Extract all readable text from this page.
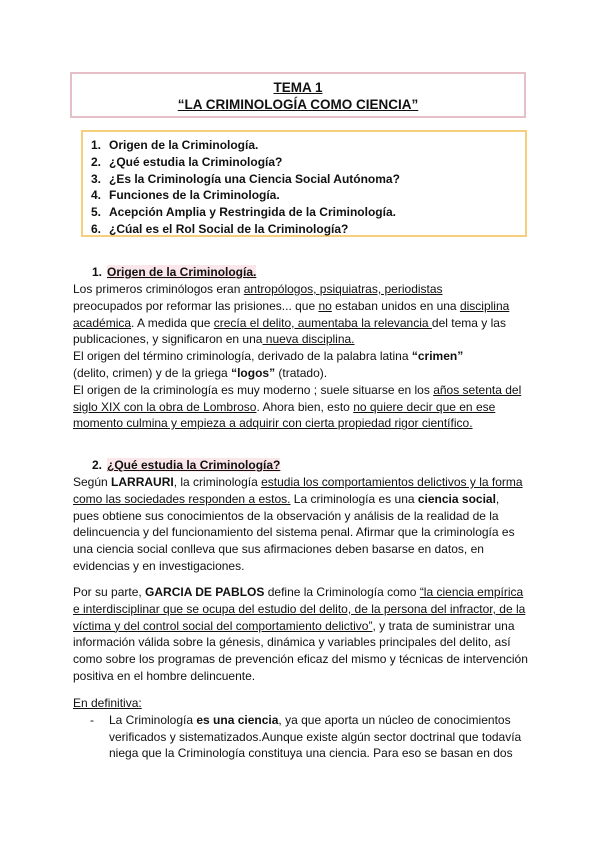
TEMA 1
“LA CRIMINOLOGÍA COMO CIENCIA”
1. Origen de la Criminología.
2. ¿Qué estudia la Criminología?
3. ¿Es la Criminología una Ciencia Social Autónoma?
4. Funciones de la Criminología.
5. Acepción Amplia y Restringida de la Criminología.
6. ¿Cúal es el Rol Social de la Criminología?
1. Origen de la Criminología.

Los primeros criminólogos eran antropólogos, psiquiatras, periodistas
preocupados por reformar las prisiones... que no estaban unidos en una disciplina académica. A medida que crecía el delito, aumentaba la relevancia del tema y las publicaciones, y significaron en una nueva disciplina.

El origen del término criminología, derivado de la palabra latina “crimen”
(delito, crimen) y de la griega “logos” (tratado).

El origen de la criminología es muy moderno ; suele situarse en los años setenta del siglo XIX con la obra de Lombroso. Ahora bien, esto no quiere decir que en ese momento culmina y empieza a adquirir con cierta propiedad rigor científico.

2. ¿Qué estudia la Criminología?

Según LARRAURI, la criminología estudia los comportamientos delictivos y la forma como las sociedades responden a estos. La criminología es una ciencia social, pues obtiene sus conocimientos de la observación y análisis de la realidad de la delincuencia y del funcionamiento del sistema penal. Afirmar que la criminología es una ciencia social conlleva que sus afirmaciones deben basarse en datos, en evidencias y en investigaciones.

Por su parte, GARCIA DE PABLOS define la Criminología como “la ciencia empírica e interdisciplinar que se ocupa del estudio del delito, de la persona del infractor, de la víctima y del control social del comportamiento delictivo”, y trata de suministrar una información válida sobre la génesis, dinámica y variables principales del delito, así como sobre los programas de prevención eficaz del mismo y técnicas de intervención positiva en el hombre delincuente.

En definitiva:

-	La Criminología es una ciencia, ya que aporta un núcleo de conocimientos verificados y sistematizados.Aunque existe algún sector doctrinal que todavía niega que la Criminología constituya una ciencia. Para eso se basan en dos
